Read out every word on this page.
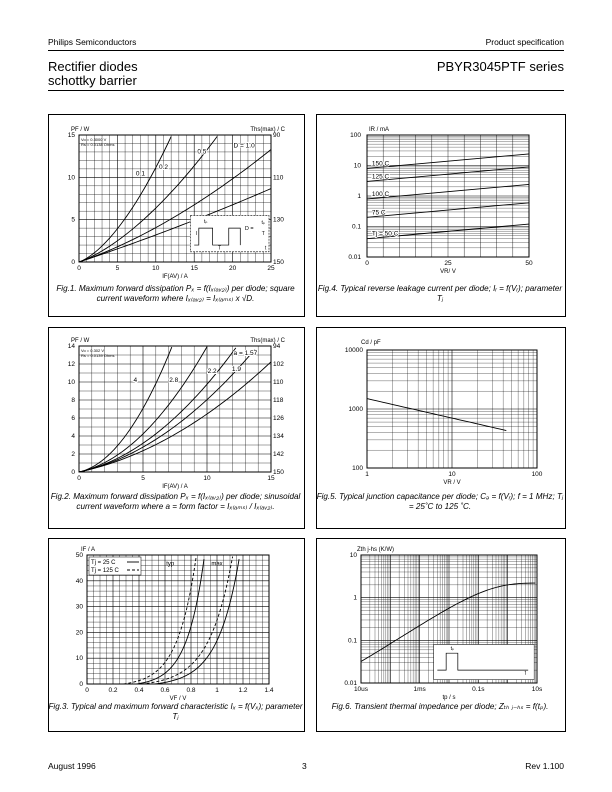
Philips Semiconductors	Product specification
Rectifier diodes
schottky barrier
PBYR3045PTF series
0
5
10
15
150
130
110
90
0	5	10	15	20	25
PF / W	Ths(max) / C
IF(AV) / A
Vo = 0.3000 V
Rs = 0.0138 Ohms
0.1
0.2
0.5
D = 1.0
tₚ
I
D =
tₚ
T
T	t
Fig.1. Maximum forward dissipation Pₓ = f(Iₓ₍ₐᵥ₂₎) per diode; square current waveform where Iₓ₍ₐᵥ₂₎ = Iₓ₍ₐₘₛ₎ x √D.
100
10
1
0.1
0.01
0	25	50
IR / mA
VR/ V
150 C
125 C
100 C
75 C
Tj = 50 C
Fig.4. Typical reverse leakage current per diode; Iᵣ = f(Vᵣ); parameter Tⱼ
0
2
4
6
8
10
12
14
150
142
134
126
118
110
102
94
0	5	10	15
PF / W	Ths(max) / C
IF(AV) / A
Vo = 0.302 V
Rs = 0.0139 Ohms
4	2.8
2.2 1.9
a = 1.57
Fig.2. Maximum forward dissipation Pₓ = f(Iₓ₍ₐᵥ₂₎) per diode; sinusoidal current waveform where a = form factor = Iₓ₍ₐₘₛ₎ / Iₓ₍ₐᵥ₂₎.
10000
1000
100
1	10	100
Cd / pF
VR / V
Fig.5. Typical junction capacitance per diode; Cₔ = f(Vᵣ); f = 1 MHz; Tⱼ = 25˚C to 125 ˚C.
0
10
20
30
40
50
0	0.2	0.4	0.6	0.8	1	1.2	1.4
IF / A
VF / V
Tj = 25 C
Tj = 125 C
typ	max
Fig.3. Typical and maximum forward characteristic Iₓ = f(Vₓ); parameter Tⱼ
10
1
0.1
0.01
10us	1ms	0.1s	10s
Zth j-hs (K/W)
tp / s
tₚ
t
Fig.6. Transient thermal impedance per diode; Zₜₕ ⱼ₋ₕₛ = f(tₚ).
August 1996	3	Rev 1.100
